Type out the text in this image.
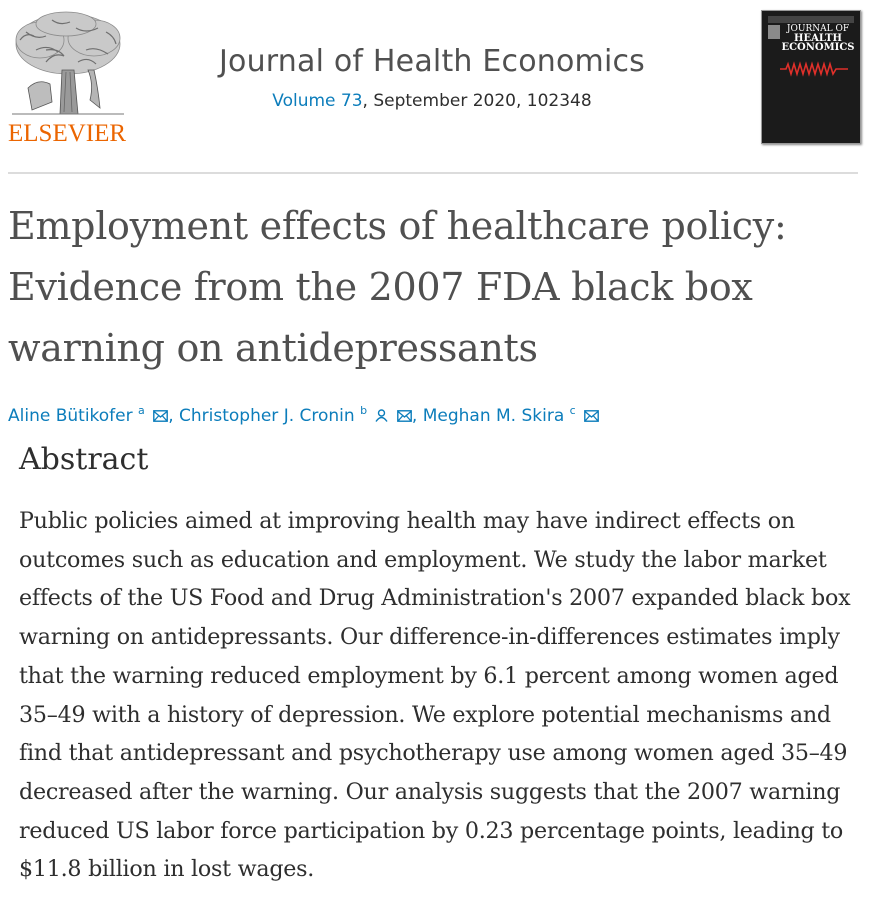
ELSEVIER
Journal of Health Economics
Volume 73, September 2020, 102348
JOURNAL OF
HEALTH
ECONOMICS
Employment effects of healthcare policy: Evidence from the 2007 FDA black box warning on antidepressants
Aline Bütikofer $^a$ , Christopher J. Cronin $^b$	, Meghan M. Skira $^c$
Abstract

Public policies aimed at improving health may have indirect effects on outcomes such as education and employment. We study the labor market effects of the US Food and Drug Administration's 2007 expanded black box warning on antidepressants. Our difference-in-differences estimates imply that the warning reduced employment by 6.1 percent among women aged 35–49 with a history of depression. We explore potential mechanisms and find that antidepressant and psychotherapy use among women aged 35–49 decreased after the warning. Our analysis suggests that the 2007 warning reduced US labor force participation by 0.23 percentage points, leading to $11.8 billion in lost wages.
